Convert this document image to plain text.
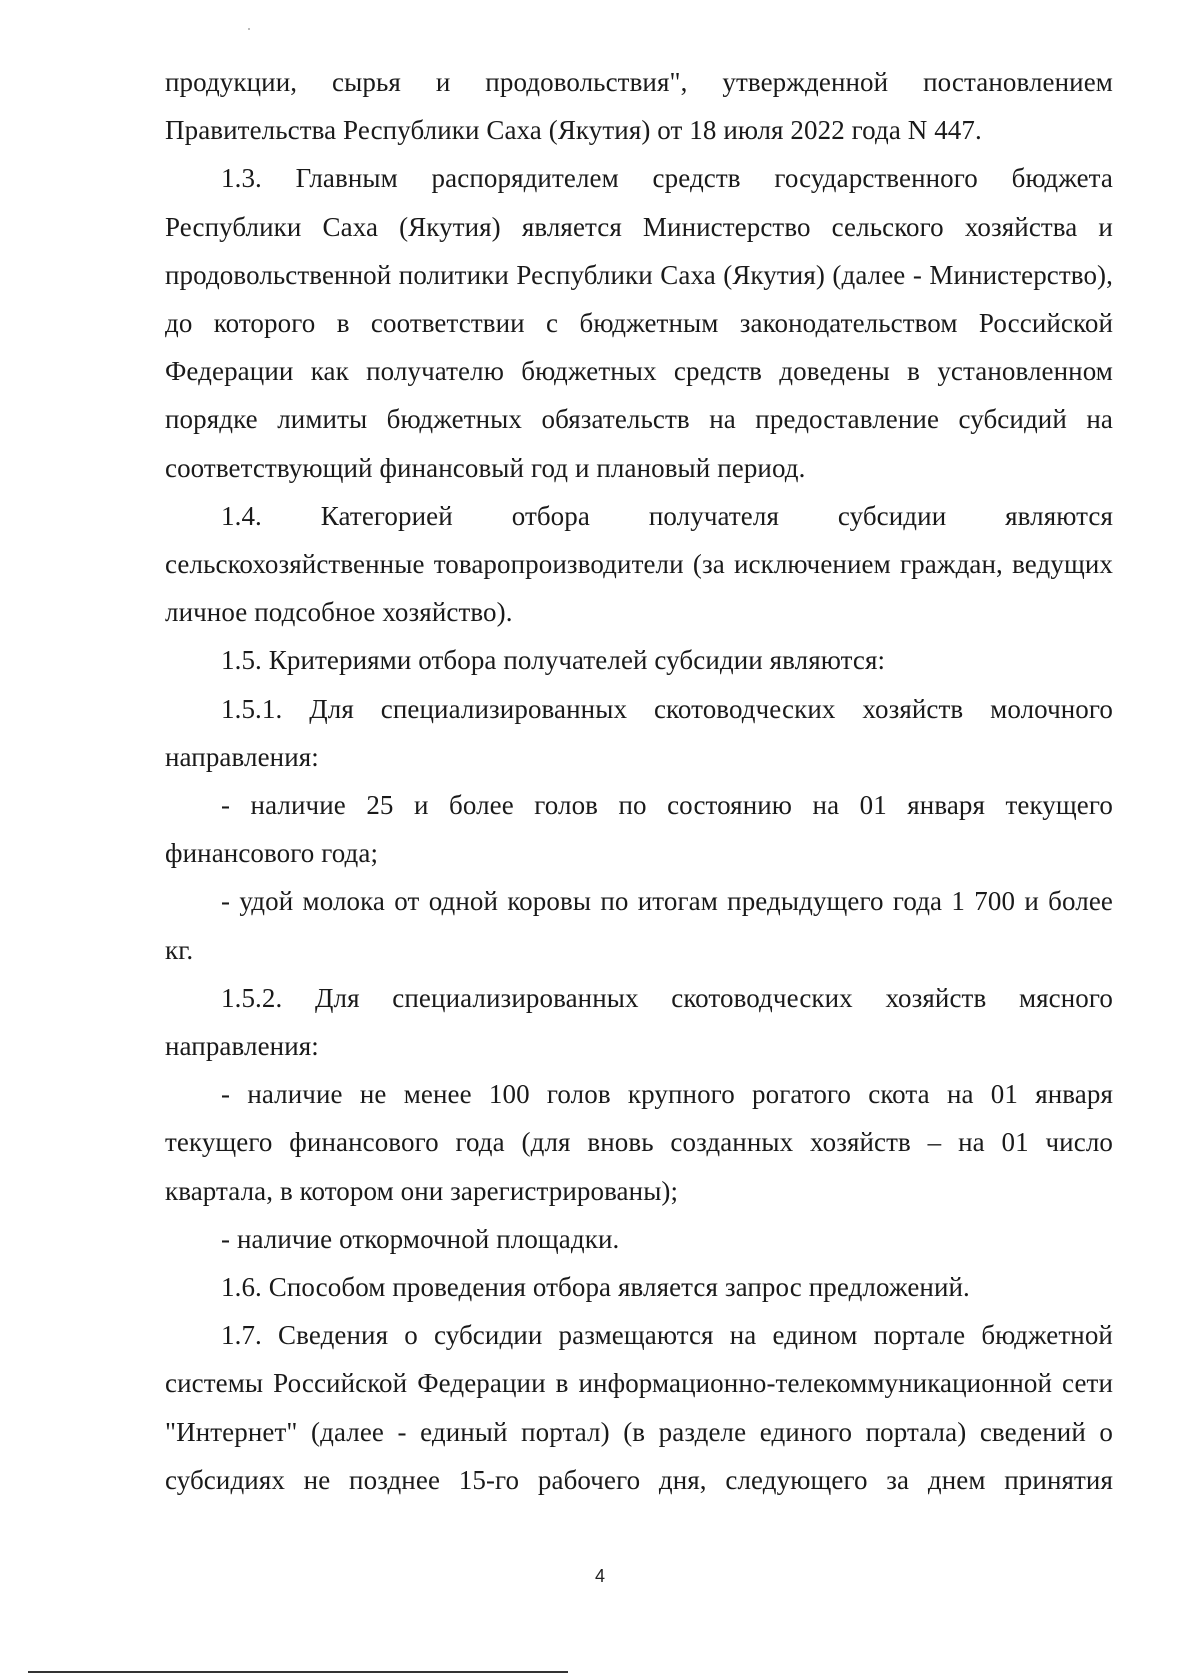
продукции, сырья и продовольствия", утвержденной постановлением Правительства Республики Саха (Якутия) от 18 июля 2022 года N 447.

1.3. Главным распорядителем средств государственного бюджета Республики Саха (Якутия) является Министерство сельского хозяйства и продовольственной политики Республики Саха (Якутия) (далее - Министерство), до которого в соответствии с бюджетным законодательством Российской Федерации как получателю бюджетных средств доведены в установленном порядке лимиты бюджетных обязательств на предоставление субсидий на соответствующий финансовый год и плановый период.

1.4. Категорией отбора получателя субсидии являются сельскохозяйственные товаропроизводители (за исключением граждан, ведущих личное подсобное хозяйство).

1.5. Критериями отбора получателей субсидии являются:

1.5.1. Для специализированных скотоводческих хозяйств молочного направления:

- наличие 25 и более голов по состоянию на 01 января текущего финансового года;

- удой молока от одной коровы по итогам предыдущего года 1 700 и более кг.

1.5.2. Для специализированных скотоводческих хозяйств мясного направления:

- наличие не менее 100 голов крупного рогатого скота на 01 января текущего финансового года (для вновь созданных хозяйств – на 01 число квартала, в котором они зарегистрированы);

- наличие откормочной площадки.

1.6. Способом проведения отбора является запрос предложений.

1.7. Сведения о субсидии размещаются на едином портале бюджетной системы Российской Федерации в информационно-телекоммуникационной сети "Интернет" (далее - единый портал) (в разделе единого портала) сведений о субсидиях не позднее 15-го рабочего дня, следующего за днем принятия

4
